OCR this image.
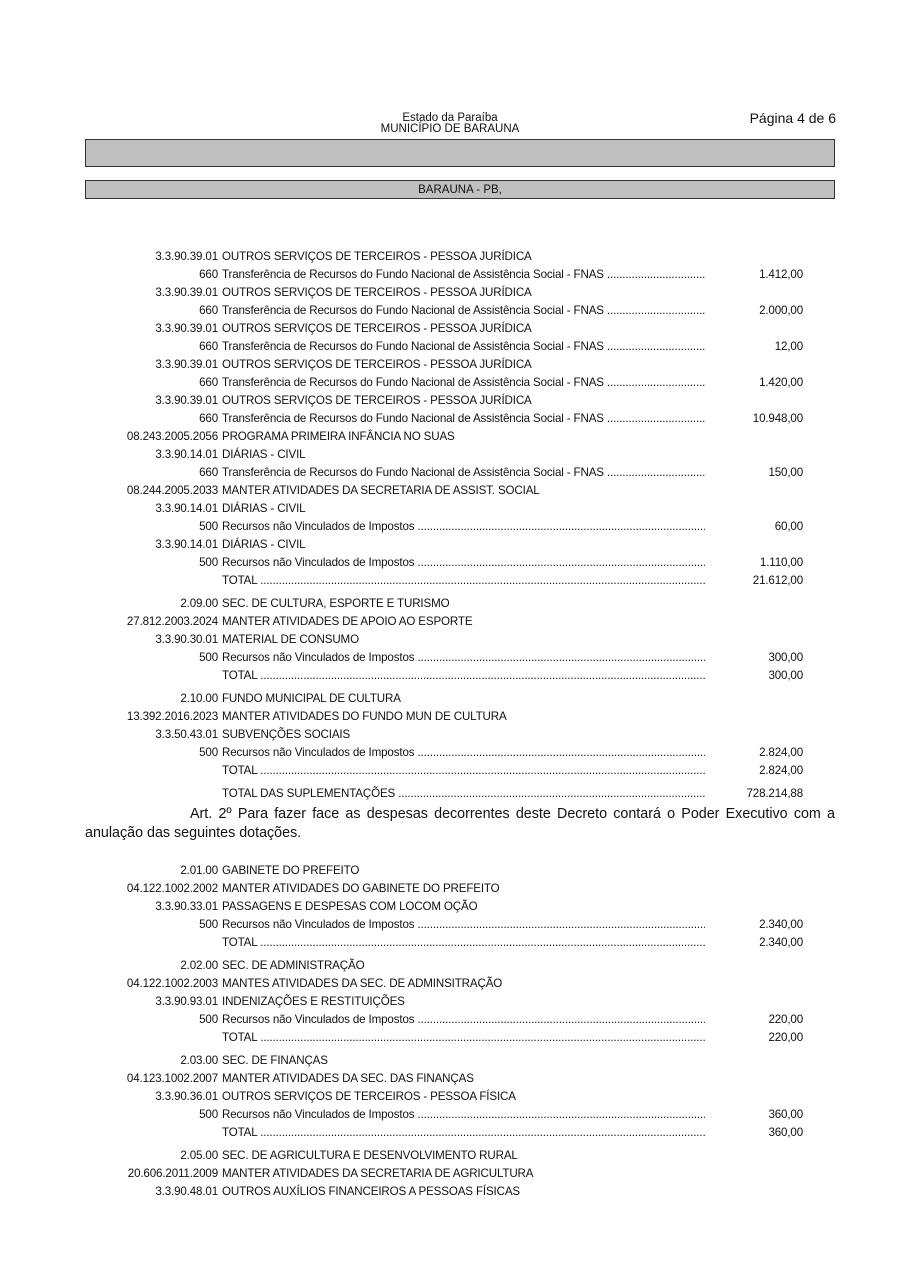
Estado da Paraíba
MUNICÍPIO DE BARAUNA
Página 4 de 6
BARAUNA - PB,
3.3.90.39.01 OUTROS SERVIÇOS DE TERCEIROS - PESSOA JURÍDICA
660 Transferência de Recursos do Fundo Nacional de Assistência Social - FNAS .....	1.412,00
3.3.90.39.01 OUTROS SERVIÇOS DE TERCEIROS - PESSOA JURÍDICA
660 Transferência de Recursos do Fundo Nacional de Assistência Social - FNAS .....	2.000,00
3.3.90.39.01 OUTROS SERVIÇOS DE TERCEIROS - PESSOA JURÍDICA
660 Transferência de Recursos do Fundo Nacional de Assistência Social - FNAS .....	12,00
3.3.90.39.01 OUTROS SERVIÇOS DE TERCEIROS - PESSOA JURÍDICA
660 Transferência de Recursos do Fundo Nacional de Assistência Social - FNAS .....	1.420,00
3.3.90.39.01 OUTROS SERVIÇOS DE TERCEIROS - PESSOA JURÍDICA
660 Transferência de Recursos do Fundo Nacional de Assistência Social - FNAS .....	10.948,00
08.243.2005.2056 PROGRAMA PRIMEIRA INFÂNCIA NO SUAS
3.3.90.14.01 DIÁRIAS - CIVIL
660 Transferência de Recursos do Fundo Nacional de Assistência Social - FNAS .....	150,00
08.244.2005.2033 MANTER ATIVIDADES DA SECRETARIA DE ASSIST. SOCIAL
3.3.90.14.01 DIÁRIAS - CIVIL
500 Recursos não Vinculados de Impostos .....	60,00
3.3.90.14.01 DIÁRIAS - CIVIL
500 Recursos não Vinculados de Impostos .....	1.110,00
TOTAL .....	21.612,00
2.09.00 SEC. DE CULTURA, ESPORTE E TURISMO
27.812.2003.2024 MANTER ATIVIDADES DE APOIO AO ESPORTE
3.3.90.30.01 MATERIAL DE CONSUMO
500 Recursos não Vinculados de Impostos .....	300,00
TOTAL .....	300,00
2.10.00 FUNDO MUNICIPAL DE CULTURA
13.392.2016.2023 MANTER ATIVIDADES DO FUNDO MUN DE CULTURA
3.3.50.43.01 SUBVENÇÕES SOCIAIS
500 Recursos não Vinculados de Impostos .....	2.824,00
TOTAL .....	2.824,00
TOTAL DAS SUPLEMENTAÇÕES .....	728.214,88
Art. 2º Para fazer face as despesas decorrentes deste Decreto contará o Poder Executivo com a anulação das seguintes dotações.
2.01.00 GABINETE DO PREFEITO
04.122.1002.2002 MANTER ATIVIDADES DO GABINETE DO PREFEITO
3.3.90.33.01 PASSAGENS E DESPESAS COM LOCOM OÇÃO
500 Recursos não Vinculados de Impostos .....	2.340,00
TOTAL .....	2.340,00
2.02.00 SEC. DE ADMINISTRAÇÃO
04.122.1002.2003 MANTES ATIVIDADES DA SEC. DE ADMINSITRAÇÃO
3.3.90.93.01 INDENIZAÇÕES E RESTITUIÇÕES
500 Recursos não Vinculados de Impostos .....	220,00
TOTAL .....	220,00
2.03.00 SEC. DE FINANÇAS
04.123.1002.2007 MANTER ATIVIDADES DA SEC. DAS FINANÇAS
3.3.90.36.01 OUTROS SERVIÇOS DE TERCEIROS - PESSOA FÍSICA
500 Recursos não Vinculados de Impostos .....	360,00
TOTAL .....	360,00
2.05.00 SEC. DE AGRICULTURA E DESENVOLVIMENTO RURAL
20.606.2011.2009 MANTER ATIVIDADES DA SECRETARIA DE AGRICULTURA
3.3.90.48.01 OUTROS AUXÍLIOS FINANCEIROS A PESSOAS FÍSICAS
